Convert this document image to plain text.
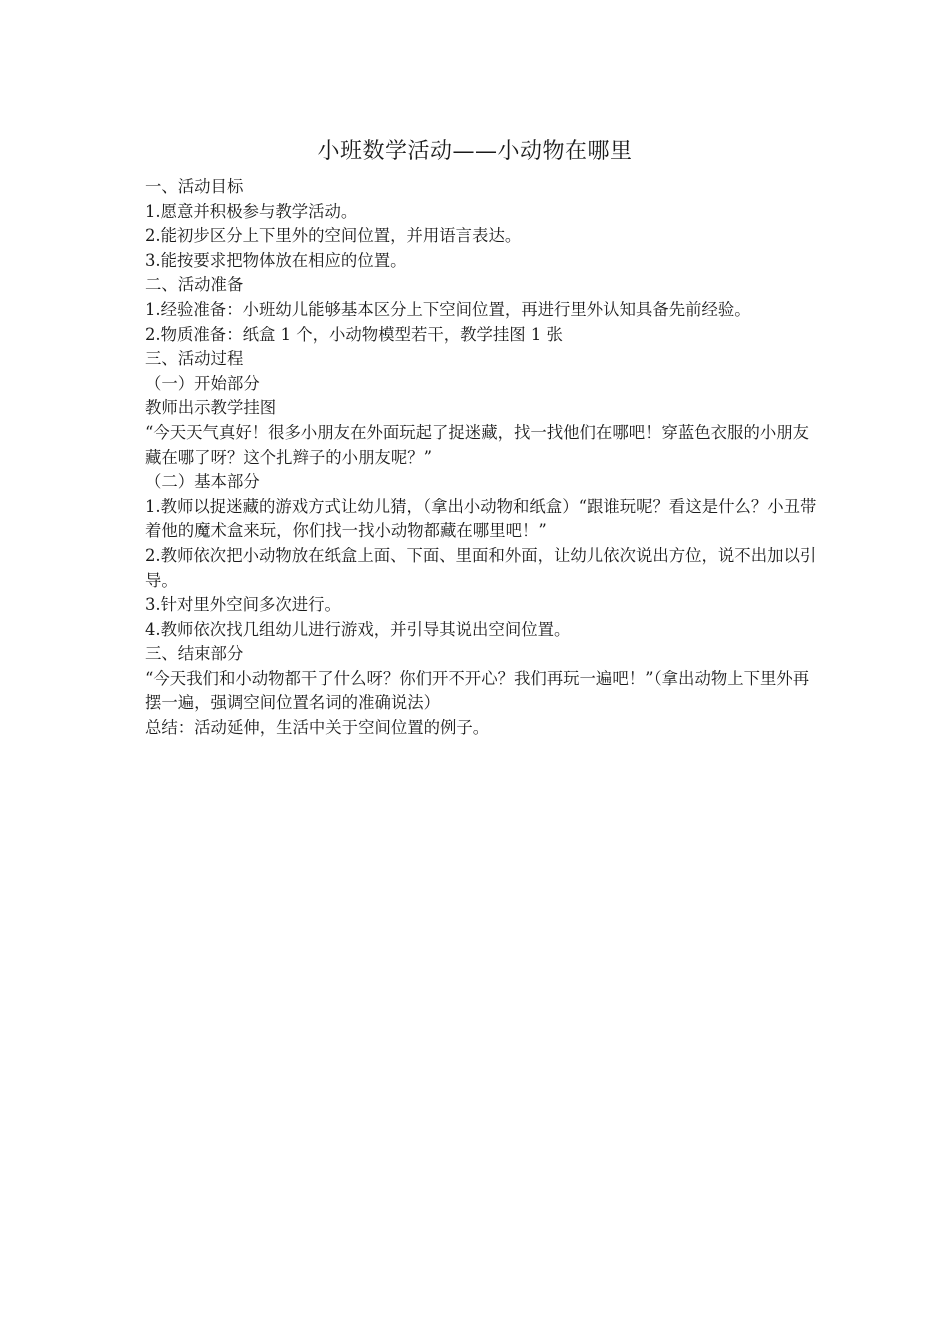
小班数学活动——小动物在哪里

一、活动目标

1.愿意并积极参与教学活动。

2.能初步区分上下里外的空间位置，并用语言表达。

3.能按要求把物体放在相应的位置。

二、活动准备

1.经验准备：小班幼儿能够基本区分上下空间位置，再进行里外认知具备先前经验。

2.物质准备：纸盒 1 个，小动物模型若干，教学挂图 1 张

三、活动过程

（一）开始部分

教师出示教学挂图

“今天天气真好！很多小朋友在外面玩起了捉迷藏，找一找他们在哪吧！穿蓝色衣服的小朋友藏在哪了呀？这个扎辫子的小朋友呢？”

（二）基本部分

1.教师以捉迷藏的游戏方式让幼儿猜，（拿出小动物和纸盒）“跟谁玩呢？看这是什么？小丑带着他的魔术盒来玩，你们找一找小动物都藏在哪里吧！”

2.教师依次把小动物放在纸盒上面、下面、里面和外面，让幼儿依次说出方位，说不出加以引导。

3.针对里外空间多次进行。

4.教师依次找几组幼儿进行游戏，并引导其说出空间位置。

三、结束部分

“今天我们和小动物都干了什么呀？你们开不开心？我们再玩一遍吧！”（拿出动物上下里外再摆一遍，强调空间位置名词的准确说法）

总结：活动延伸，生活中关于空间位置的例子。
